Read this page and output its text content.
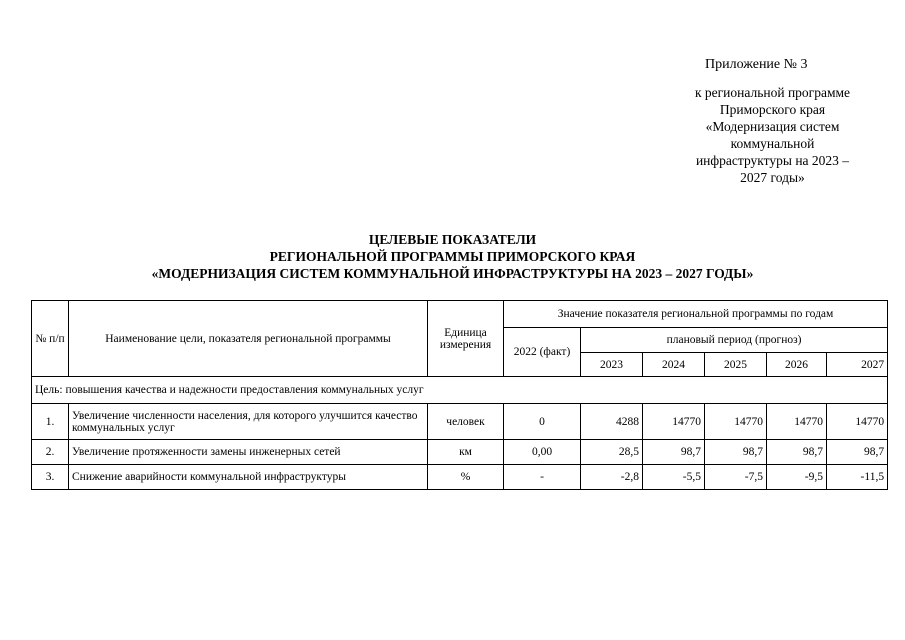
Приложение № 3
к региональной программе
Приморского края
«Модернизация систем
коммунальной
инфраструктуры на 2023 –
2027 годы»
ЦЕЛЕВЫЕ ПОКАЗАТЕЛИ
РЕГИОНАЛЬНОЙ ПРОГРАММЫ ПРИМОРСКОГО КРАЯ
«МОДЕРНИЗАЦИЯ СИСТЕМ КОММУНАЛЬНОЙ ИНФРАСТРУКТУРЫ НА 2023 – 2027 ГОДЫ»
№ п/п	Наименование цели, показателя региональной программы	Единица измерения	Значение показателя региональной программы по годам					
			2022 (факт)	плановый период (прогноз)				
				2023	2024	2025	2026	2027
Цель: повышения качества и надежности предоставления коммунальных услуг								
1.	Увеличение численности населения, для которого улучшится качество коммунальных услуг	человек	0	4288	14770	14770	14770	14770
2.	Увеличение протяженности замены инженерных сетей	км	0,00	28,5	98,7	98,7	98,7	98,7
3.	Снижение аварийности коммунальной инфраструктуры	%	-	-2,8	-5,5	-7,5	-9,5	-11,5
